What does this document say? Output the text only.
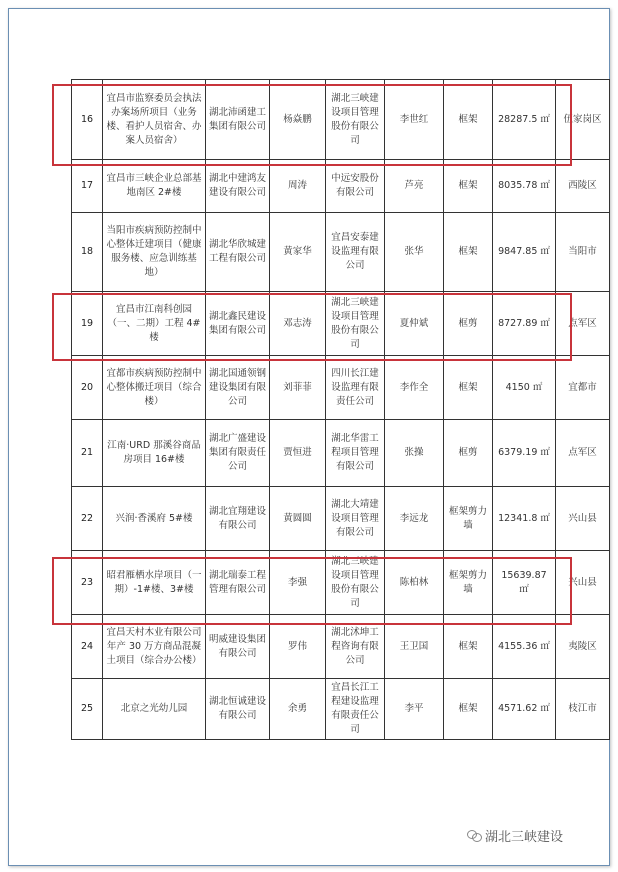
16	宜昌市监察委员会执法办案场所项目（业务楼、看护人员宿舍、办案人员宿舍）	湖北沛函建工集团有限公司	杨焱鹏	湖北三峡建设项目管理股份有限公司	李世红	框架	28287.5 ㎡	伍家岗区
17	宜昌市三峡企业总部基地南区 2#楼	湖北中建鸿友建设有限公司	周涛	中远安股份有限公司	芦亮	框架	8035.78 ㎡	西陵区
18	当阳市疾病预防控制中心整体迁建项目（健康服务楼、应急训练基地）	湖北华欣城建工程有限公司	黄家华	宜昌安泰建设监理有限公司	张华	框架	9847.85 ㎡	当阳市
19	宜昌市江南科创园（一、二期）工程 4#楼	湖北鑫民建设集团有限公司	邓志涛	湖北三峡建设项目管理股份有限公司	夏仲斌	框剪	8727.89 ㎡	点军区
20	宜都市疾病预防控制中心整体搬迁项目（综合楼）	湖北国通领钢建设集团有限公司	刘菲菲	四川长江建设监理有限责任公司	李作全	框架	4150 ㎡	宜都市
21	江南·URD 那溪谷商品房项目 16#楼	湖北广盛建设集团有限责任公司	贾恒进	湖北华雷工程项目管理有限公司	张操	框剪	6379.19 ㎡	点军区
22	兴润·香溪府 5#楼	湖北宜翔建设有限公司	黄圆圆	湖北大靖建设项目管理有限公司	李远龙	框架剪力墙	12341.8 ㎡	兴山县
23	昭君雁栖水岸项目（一期）-1#楼、3#楼	湖北瑞泰工程管理有限公司	李强	湖北三峡建设项目管理股份有限公司	陈柏林	框架剪力墙	15639.87 ㎡	兴山县
24	宜昌天村木业有限公司年产 30 万方商品混凝土项目（综合办公楼）	明威建设集团有限公司	罗伟	湖北沭坤工程咨询有限公司	王卫国	框架	4155.36 ㎡	夷陵区
25	北京之光幼儿园	湖北恒诚建设有限公司	余勇	宜昌长江工程建设监理有限责任公司	李平	框架	4571.62 ㎡	枝江市
湖北三峡建设
